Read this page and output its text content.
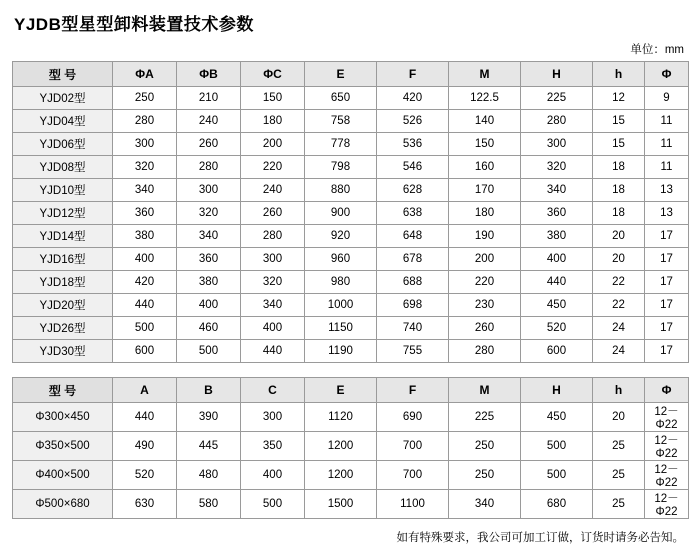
YJDB型星型卸料装置技术参数
单位：mm
型 号	ΦA	ΦB	ΦC	E	F	M	H	h	Φ
YJD02型	250	210	150	650	420	122.5	225	12	9
YJD04型	280	240	180	758	526	140	280	15	11
YJD06型	300	260	200	778	536	150	300	15	11
YJD08型	320	280	220	798	546	160	320	18	11
YJD10型	340	300	240	880	628	170	340	18	13
YJD12型	360	320	260	900	638	180	360	18	13
YJD14型	380	340	280	920	648	190	380	20	17
YJD16型	400	360	300	960	678	200	400	20	17
YJD18型	420	380	320	980	688	220	440	22	17
YJD20型	440	400	340	1000	698	230	450	22	17
YJD26型	500	460	400	1150	740	260	520	24	17
YJD30型	600	500	440	1190	755	280	600	24	17
型 号	A	B	C	E	F	M	H	h	Φ
Φ300×450	440	390	300	1120	690	225	450	20	12－Φ22
Φ350×500	490	445	350	1200	700	250	500	25	12－Φ22
Φ400×500	520	480	400	1200	700	250	500	25	12－Φ22
Φ500×680	630	580	500	1500	1100	340	680	25	12－Φ22
如有特殊要求，我公司可加工订做，订货时请务必告知。
